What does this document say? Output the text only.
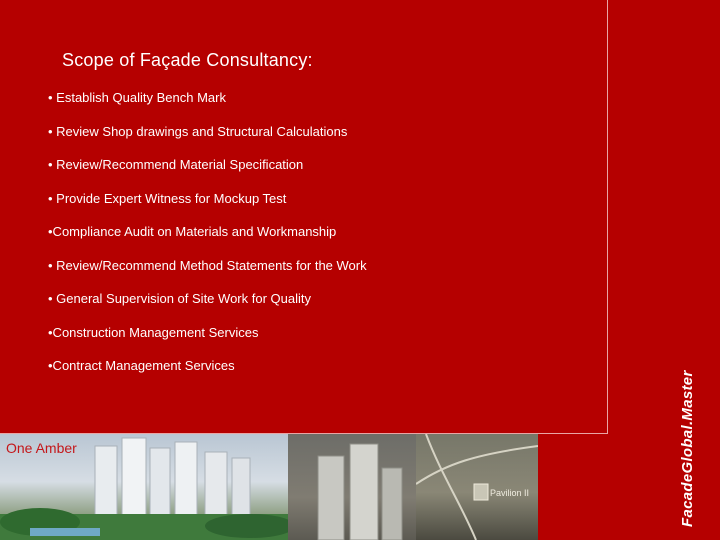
Scope of Façade Consultancy:
• Establish Quality Bench Mark
• Review Shop drawings and Structural Calculations
• Review/Recommend Material Specification
• Provide Expert Witness for Mockup Test
•Compliance Audit on Materials and Workmanship
• Review/Recommend Method Statements for the Work
• General Supervision of Site Work for Quality
•Construction Management Services
•Contract Management Services
FacadeGlobal.Master
One Amber
Pavilion II
